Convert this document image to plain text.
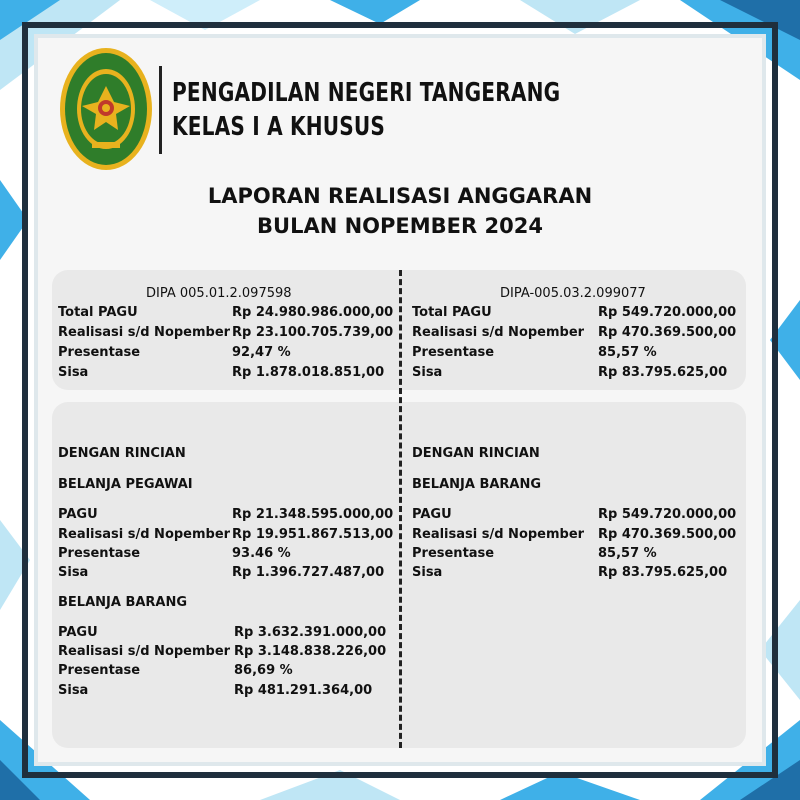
PENGADILAN NEGERI TANGERANG
KELAS I A KHUSUS
LAPORAN REALISASI ANGGARAN
BULAN NOPEMBER 2024
DIPA 005.01.2.097598
Total PAGU	Rp 24.980.986.000,00
Realisasi s/d Nopember Rp 23.100.705.739,00
Presentase	92,47 %
Sisa	Rp 1.878.018.851,00
DIPA-005.03.2.099077
Total PAGU	Rp 549.720.000,00
Realisasi s/d Nopember Rp 470.369.500,00
Presentase	85,57 %
Sisa	Rp 83.795.625,00
DENGAN RINCIAN
BELANJA PEGAWAI
PAGU	Rp 21.348.595.000,00
Realisasi s/d Nopember Rp 19.951.867.513,00
Presentase	93.46 %
Sisa	Rp 1.396.727.487,00
BELANJA BARANG
PAGU	Rp 3.632.391.000,00
Realisasi s/d Nopember Rp 3.148.838.226,00
Presentase	86,69 %
Sisa	Rp 481.291.364,00
DENGAN RINCIAN
BELANJA BARANG
PAGU	Rp 549.720.000,00
Realisasi s/d Nopember Rp 470.369.500,00
Presentase	85,57 %
Sisa	Rp 83.795.625,00
